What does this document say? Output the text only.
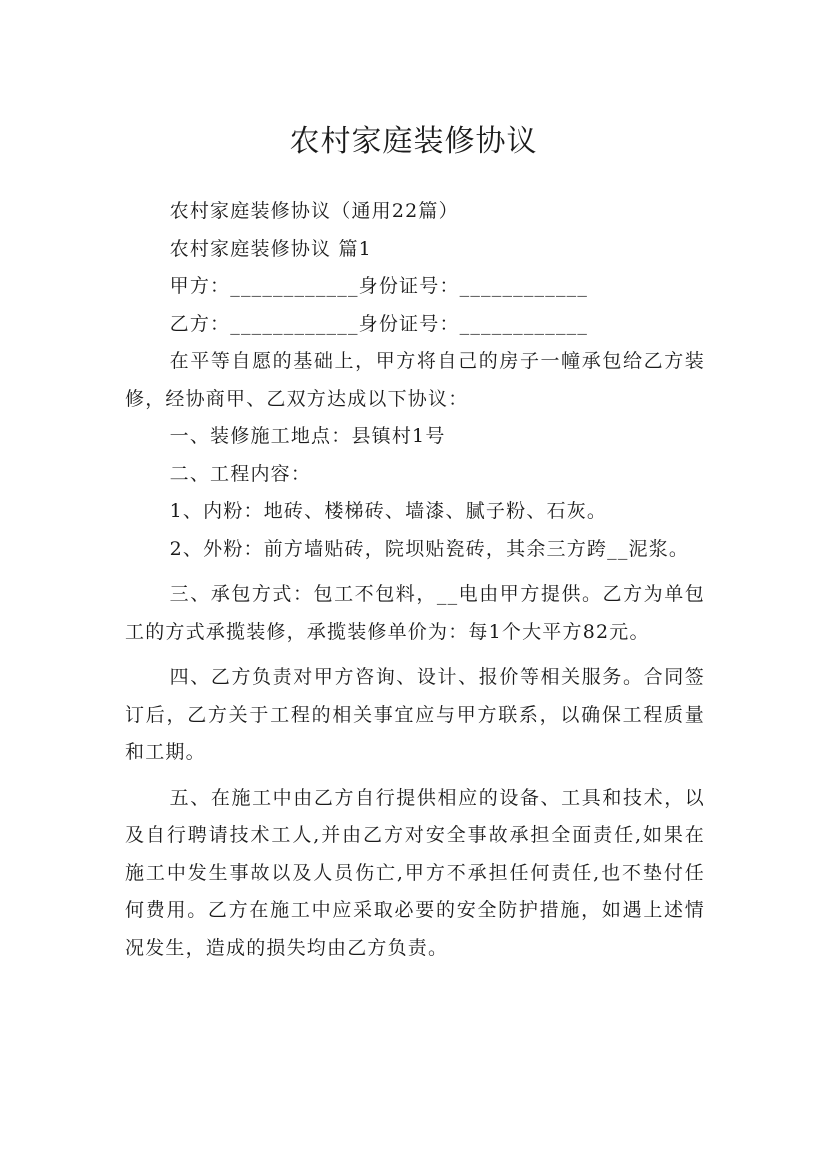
农村家庭装修协议

农村家庭装修协议（通用22篇）

农村家庭装修协议 篇1

甲方：____________身份证号：____________

乙方：____________身份证号：____________

在平等自愿的基础上，甲方将自己的房子一幢承包给乙方装修，经协商甲、乙双方达成以下协议：

一、装修施工地点：县镇村1号

二、工程内容：

1、内粉：地砖、楼梯砖、墙漆、腻子粉、石灰。

2、外粉：前方墙贴砖，院坝贴瓷砖，其余三方跨__泥浆。

三、承包方式：包工不包料，__电由甲方提供。乙方为单包工的方式承揽装修，承揽装修单价为：每1个大平方82元。

四、乙方负责对甲方咨询、设计、报价等相关服务。合同签订后，乙方关于工程的相关事宜应与甲方联系，以确保工程质量和工期。

五、在施工中由乙方自行提供相应的设备、工具和技术，以及自行聘请技术工人,并由乙方对安全事故承担全面责任,如果在施工中发生事故以及人员伤亡,甲方不承担任何责任,也不垫付任何费用。乙方在施工中应采取必要的安全防护措施，如遇上述情况发生，造成的损失均由乙方负责。
